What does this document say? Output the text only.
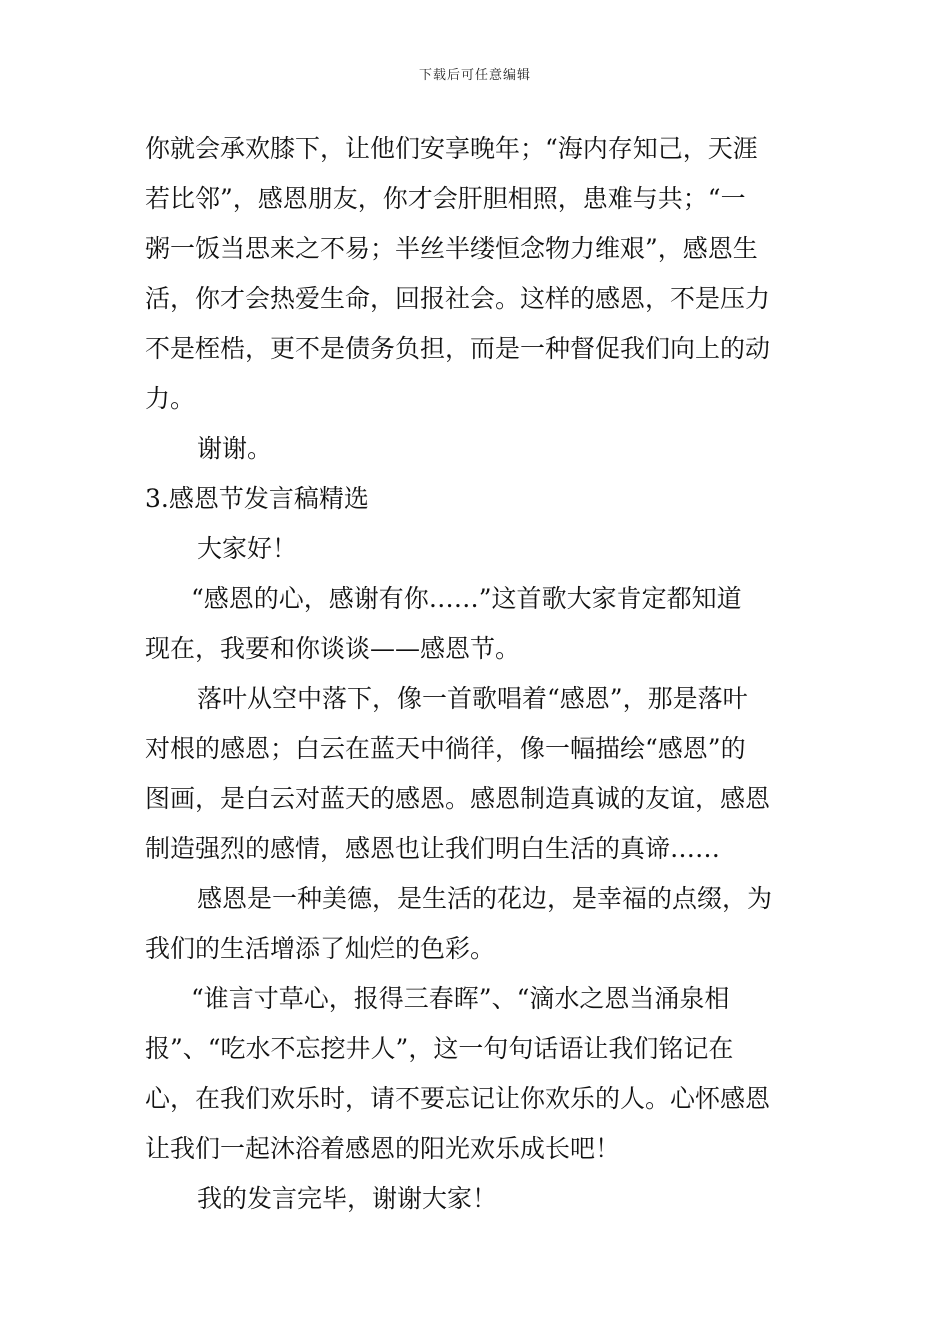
下载后可任意编辑
你就会承欢膝下，让他们安享晚年；“海内存知己，天涯
若比邻”，感恩朋友，你才会肝胆相照，患难与共；“一
粥一饭当思来之不易；半丝半缕恒念物力维艰”，感恩生
活，你才会热爱生命，回报社会。这样的感恩，不是压力
不是桎梏，更不是债务负担，而是一种督促我们向上的动
力。
谢谢。
3.感恩节发言稿精选
大家好！
“感恩的心，感谢有你……”这首歌大家肯定都知道
现在，我要和你谈谈——感恩节。
落叶从空中落下，像一首歌唱着“感恩”，那是落叶
对根的感恩；白云在蓝天中徜徉，像一幅描绘“感恩”的
图画，是白云对蓝天的感恩。感恩制造真诚的友谊，感恩
制造强烈的感情，感恩也让我们明白生活的真谛……
感恩是一种美德，是生活的花边，是幸福的点缀，为
我们的生活增添了灿烂的色彩。
“谁言寸草心，报得三春晖”、“滴水之恩当涌泉相
报”、“吃水不忘挖井人”，这一句句话语让我们铭记在
心，在我们欢乐时，请不要忘记让你欢乐的人。心怀感恩
让我们一起沐浴着感恩的阳光欢乐成长吧！
我的发言完毕，谢谢大家！
